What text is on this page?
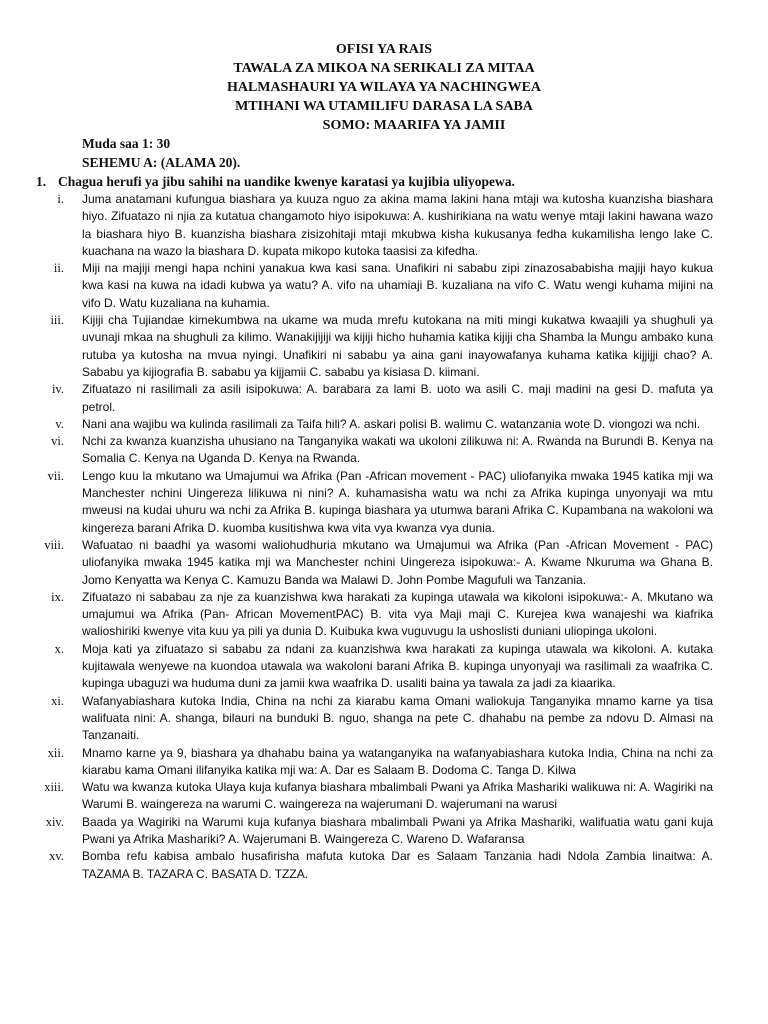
OFISI YA RAIS
TAWALA ZA MIKOA NA SERIKALI ZA MITAA
HALMASHAURI YA WILAYA YA NACHINGWEA
MTIHANI WA UTAMILIFU DARASA LA SABA
SOMO: MAARIFA YA JAMII
Muda saa 1: 30
SEHEMU A: (ALAMA 20).
1. Chagua herufi ya jibu sahihi na uandike kwenye karatasi ya kujibia uliyopewa.
i. Juma anatamani kufungua biashara ya kuuza nguo za akina mama lakini hana mtaji wa kutosha kuanzisha biashara hiyo. Zifuatazo ni njia za kutatua changamoto hiyo isipokuwa: A. kushirikiana na watu wenye mtaji lakini hawana wazo la biashara hiyo B. kuanzisha biashara zisizohitaji mtaji mkubwa kisha kukusanya fedha kukamilisha lengo lake C. kuachana na wazo la biashara D. kupata mikopo kutoka taasisi za kifedha.
ii. Miji na majiji mengi hapa nchini yanakua kwa kasi sana. Unafikiri ni sababu zipi zinazosababisha majiji hayo kukua kwa kasi na kuwa na idadi kubwa ya watu? A. vifo na uhamiaji B. kuzaliana na vifo C. Watu wengi kuhama mijini na vifo D. Watu kuzaliana na kuhamia.
iii. Kijiji cha Tujiandae kimekumbwa na ukame wa muda mrefu kutokana na miti mingi kukatwa kwaajili ya shughuli ya uvunaji mkaa na shughuli za kilimo. Wanakijijiji wa kijiji hicho huhamia katika kijiji cha Shamba la Mungu ambako kuna rutuba ya kutosha na mvua nyingi. Unafikiri ni sababu ya aina gani inayowafanya kuhama katika kijjijji chao? A. Sababu ya kijiografia B. sababu ya kijjamii C. sababu ya kisiasa D. kiimani.
iv. Zifuatazo ni rasilimali za asili isipokuwa: A. barabara za lami B. uoto wa asili C. maji madini na gesi D. mafuta ya petrol.
v. Nani ana wajibu wa kulinda rasilimali za Taifa hili? A. askari polisi B. walimu C. watanzania wote D. viongozi wa nchi.
vi. Nchi za kwanza kuanzisha uhusiano na Tanganyika wakati wa ukoloni zilikuwa ni: A. Rwanda na Burundi B. Kenya na Somalia C. Kenya na Uganda D. Kenya na Rwanda.
vii. Lengo kuu la mkutano wa Umajumui wa Afrika (Pan -African movement - PAC) uliofanyika mwaka 1945 katika mji wa Manchester nchini Uingereza lilikuwa ni nini? A. kuhamasisha watu wa nchi za Afrika kupinga unyonyaji wa mtu mweusi na kudai uhuru wa nchi za Afrika B. kupinga biashara ya utumwa barani Afrika C. Kupambana na wakoloni wa kingereza barani Afrika D. kuomba kusitishwa kwa vita vya kwanza vya dunia.
viii. Wafuatao ni baadhi ya wasomi waliohudhuria mkutano wa Umajumui wa Afrika (Pan -African Movement - PAC) uliofanyika mwaka 1945 katika mji wa Manchester nchini Uingereza isipokuwa:- A. Kwame Nkuruma wa Ghana B. Jomo Kenyatta wa Kenya C. Kamuzu Banda wa Malawi D. John Pombe Magufuli wa Tanzania.
ix. Zifuatazo ni sababau za nje za kuanzishwa kwa harakati za kupinga utawala wa kikoloni isipokuwa:- A. Mkutano wa umajumui wa Afrika (Pan- African MovementPAC) B. vita vya Maji maji C. Kurejea kwa wanajeshi wa kiafrika walioshiriki kwenye vita kuu ya pili ya dunia D. Kuibuka kwa vuguvugu la ushoslisti duniani uliopinga ukoloni.
x. Moja kati ya zifuatazo si sababu za ndani za kuanzishwa kwa harakati za kupinga utawala wa kikoloni. A. kutaka kujitawala wenyewe na kuondoa utawala wa wakoloni barani Afrika B. kupinga unyonyaji wa rasilimali za waafrika C. kupinga ubaguzi wa huduma duni za jamii kwa waafrika D. usaliti baina ya tawala za jadi za kiaarika.
xi. Wafanyabiashara kutoka India, China na nchi za kiarabu kama Omani waliokuja Tanganyika mnamo karne ya tisa walifuata nini: A. shanga, bilauri na bunduki B. nguo, shanga na pete C. dhahabu na pembe za ndovu D. Almasi na Tanzanaiti.
xii. Mnamo karne ya 9, biashara ya dhahabu baina ya watanganyika na wafanyabiashara kutoka India, China na nchi za kiarabu kama Omani ilifanyika katika mji wa: A. Dar es Salaam B. Dodoma C. Tanga D. Kilwa
xiii. Watu wa kwanza kutoka Ulaya kuja kufanya biashara mbalimbali Pwani ya Afrika Mashariki walikuwa ni: A. Wagiriki na Warumi B. waingereza na warumi C. waingereza na wajerumani D. wajerumani na warusi
xiv. Baada ya Wagiriki na Warumi kuja kufanya biashara mbalimbali Pwani ya Afrika Mashariki, walifuatia watu gani kuja Pwani ya Afrika Mashariki? A. Wajerumani B. Waingereza C. Wareno D. Wafaransa
xv. Bomba refu kabisa ambalo husafirisha mafuta kutoka Dar es Salaam Tanzania hadi Ndola Zambia linaitwa: A. TAZAMA B. TAZARA C. BASATA D. TZZA.
